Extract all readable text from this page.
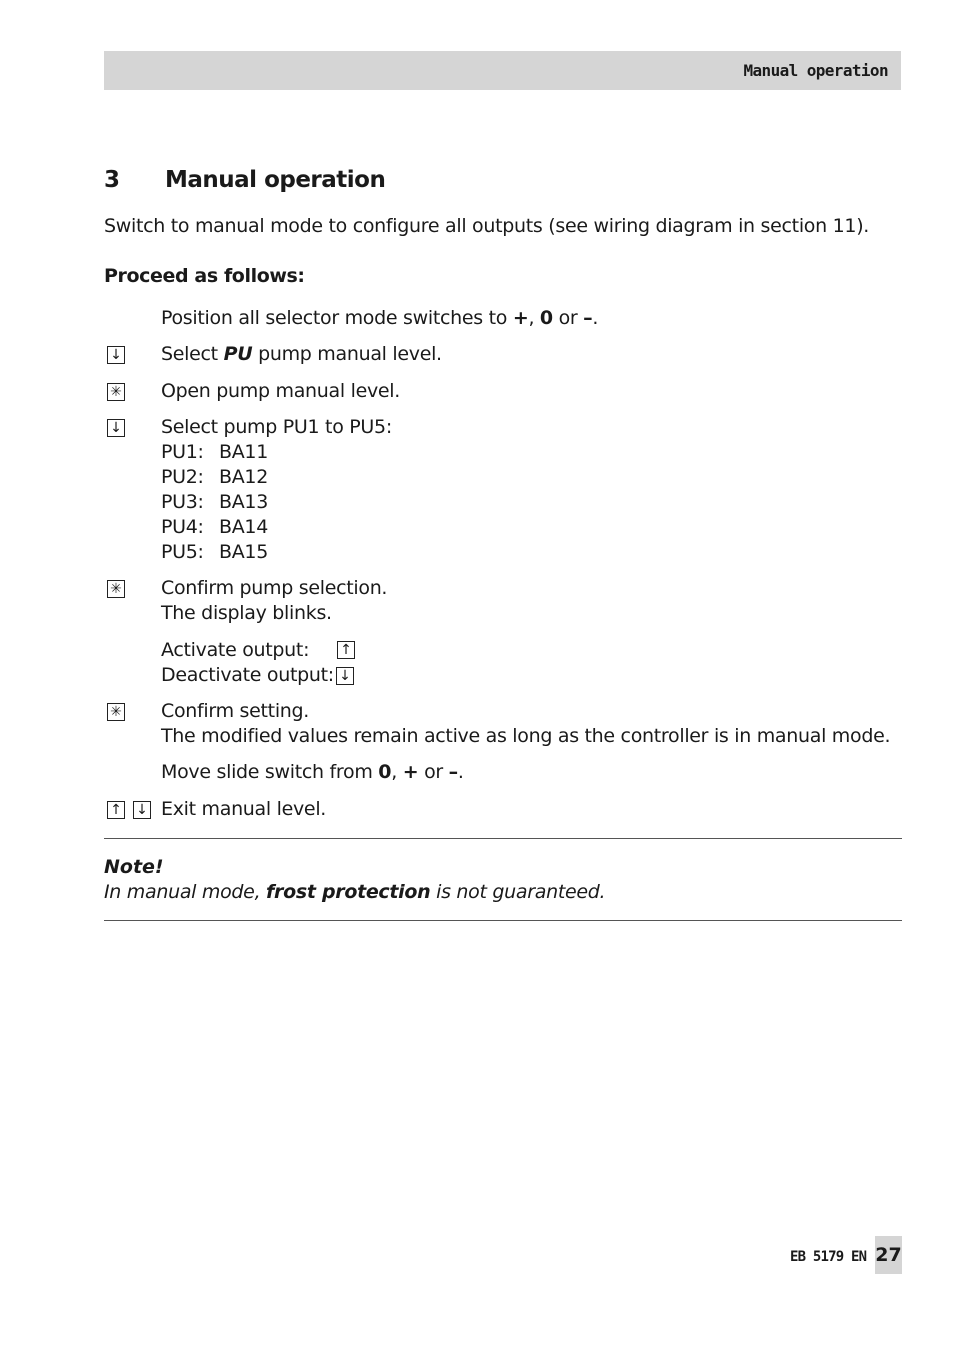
Manual operation
3 Manual operation
Switch to manual mode to configure all outputs (see wiring diagram in section 11).
Proceed as follows:
Position all selector mode switches to +, 0 or –.
↓ Select PU pump manual level.
✳ Open pump manual level.
↓ Select pump PU1 to PU5:
PU1: BA11
PU2: BA12
PU3: BA13
PU4: BA14
PU5: BA15
✳ Confirm pump selection.
The display blinks.
Activate output: ↑
Deactivate output: ↓
✳ Confirm setting.
The modified values remain active as long as the controller is in manual mode.
Move slide switch from 0, + or –.
↑ ↓ Exit manual level.
Note!
In manual mode, frost protection is not guaranteed.
EB 5179 EN 27
